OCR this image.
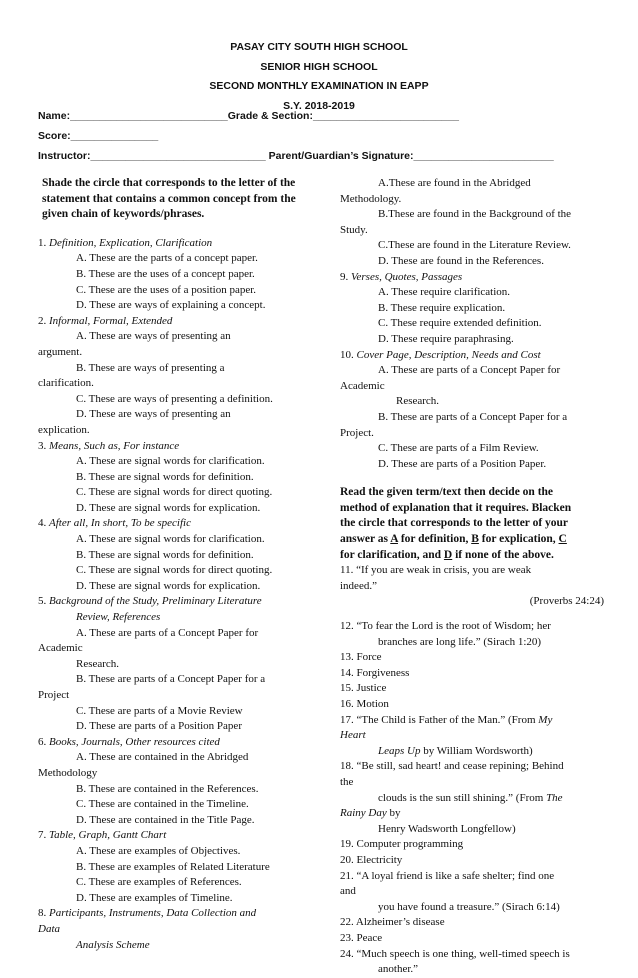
PASAY CITY SOUTH HIGH SCHOOL
SENIOR HIGH SCHOOL
SECOND MONTHLY EXAMINATION IN EAPP
S.Y. 2018-2019
Name:___________________________Grade & Section:_________________________
Score:_______________
Instructor:______________________________ Parent/Guardian’s Signature:________________________
Shade the circle that corresponds to the letter of the
statement that contains a common concept from the
given chain of keywords/phrases.
1. Definition, Explication, Clarification
A. These are the parts of a concept paper.
B. These are the uses of a concept paper.
C. These are the uses of a position paper.
D. These are ways of explaining a concept.
2. Informal, Formal, Extended
A. These are ways of presenting an
argument.
B. These are ways of presenting a
clarification.
C. These are ways of presenting a definition.
D. These are ways of presenting an
explication.
3. Means, Such as, For instance
A. These are signal words for clarification.
B. These are signal words for definition.
C. These are signal words for direct quoting.
D. These are signal words for explication.
4. After all, In short, To be specific
A. These are signal words for clarification.
B. These are signal words for definition.
C. These are signal words for direct quoting.
D. These are signal words for explication.
5. Background of the Study, Preliminary Literature
Review, References
A. These are parts of a Concept Paper for
Academic
Research.
B. These are parts of a Concept Paper for a
Project
C. These are parts of a Movie Review
D. These are parts of a Position Paper
6. Books, Journals, Other resources cited
A. These are contained in the Abridged
Methodology
B. These are contained in the References.
C. These are contained in the Timeline.
D. These are contained in the Title Page.
7. Table, Graph, Gantt Chart
A. These are examples of Objectives.
B. These are examples of Related Literature
C. These are examples of References.
D. These are examples of Timeline.
8. Participants, Instruments, Data Collection and
Data
Analysis Scheme
A.These are found in the Abridged
Methodology.
B.These are found in the Background of the
Study.
C.These are found in the Literature Review.
D. These are found in the References.
9. Verses, Quotes, Passages
A. These require clarification.
B. These require explication.
C. These require extended definition.
D. These require paraphrasing.
10. Cover Page, Description, Needs and Cost
A. These are parts of a Concept Paper for
Academic
Research.
B. These are parts of a Concept Paper for a
Project.
C. These are parts of a Film Review.
D. These are parts of a Position Paper.
Read the given term/text then decide on the
method of explanation that it requires. Blacken
the circle that corresponds to the letter of your
answer as A for definition, B for explication, C
for clarification, and D if none of the above.
11. “If you are weak in crisis, you are weak
indeed.”
(Proverbs 24:24)
12. “To fear the Lord is the root of Wisdom; her
branches are long life.” (Sirach 1:20)
13. Force
14. Forgiveness
15. Justice
16. Motion
17. “The Child is Father of the Man.” (From My
Heart
Leaps Up by William Wordsworth)
18. “Be still, sad heart! and cease repining; Behind
the
clouds is the sun still shining.” (From The
Rainy Day by
Henry Wadsworth Longfellow)
19. Computer programming
20. Electricity
21. “A loyal friend is like a safe shelter; find one
and
you have found a treasure.” (Sirach 6:14)
22. Alzheimer’s disease
23. Peace
24. “Much speech is one thing, well-timed speech is
another.”
